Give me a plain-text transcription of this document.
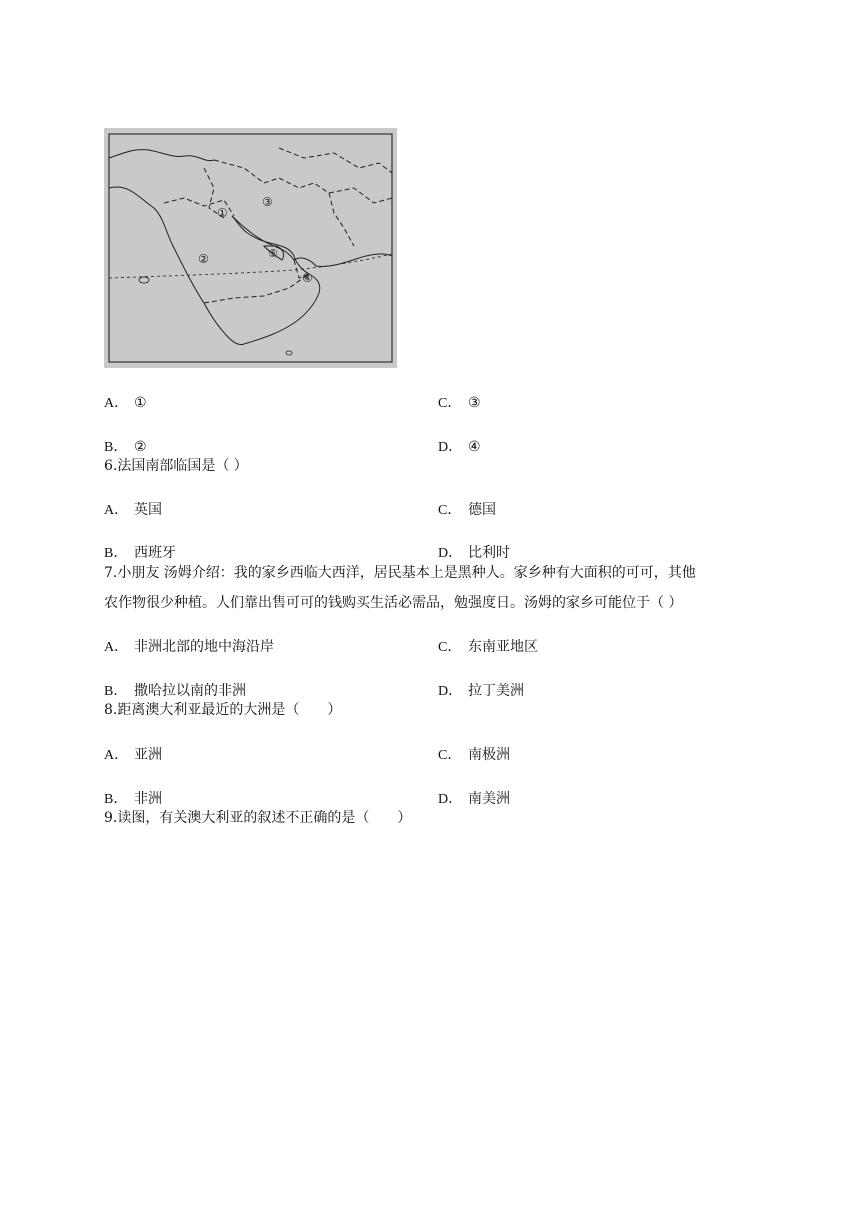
①
②
③
④
⑤
A． ①	C． ③
B． ②	D． ④
6.法国南部临国是（ ）
A． 英国	C． 德国
B． 西班牙	D． 比利时
7.小朋友 汤姆介绍：我的家乡西临大西洋，居民基本上是黑种人。家乡种有大面积的可可，其他
农作物很少种植。人们靠出售可可的钱购买生活必需品，勉强度日。汤姆的家乡可能位于（ ）
A． 非洲北部的地中海沿岸	C． 东南亚地区
B． 撒哈拉以南的非洲	D． 拉丁美洲
8.距离澳大利亚最近的大洲是（　　）
A． 亚洲	C． 南极洲
B． 非洲	D． 南美洲
9.读图，有关澳大利亚的叙述不正确的是（　　）
